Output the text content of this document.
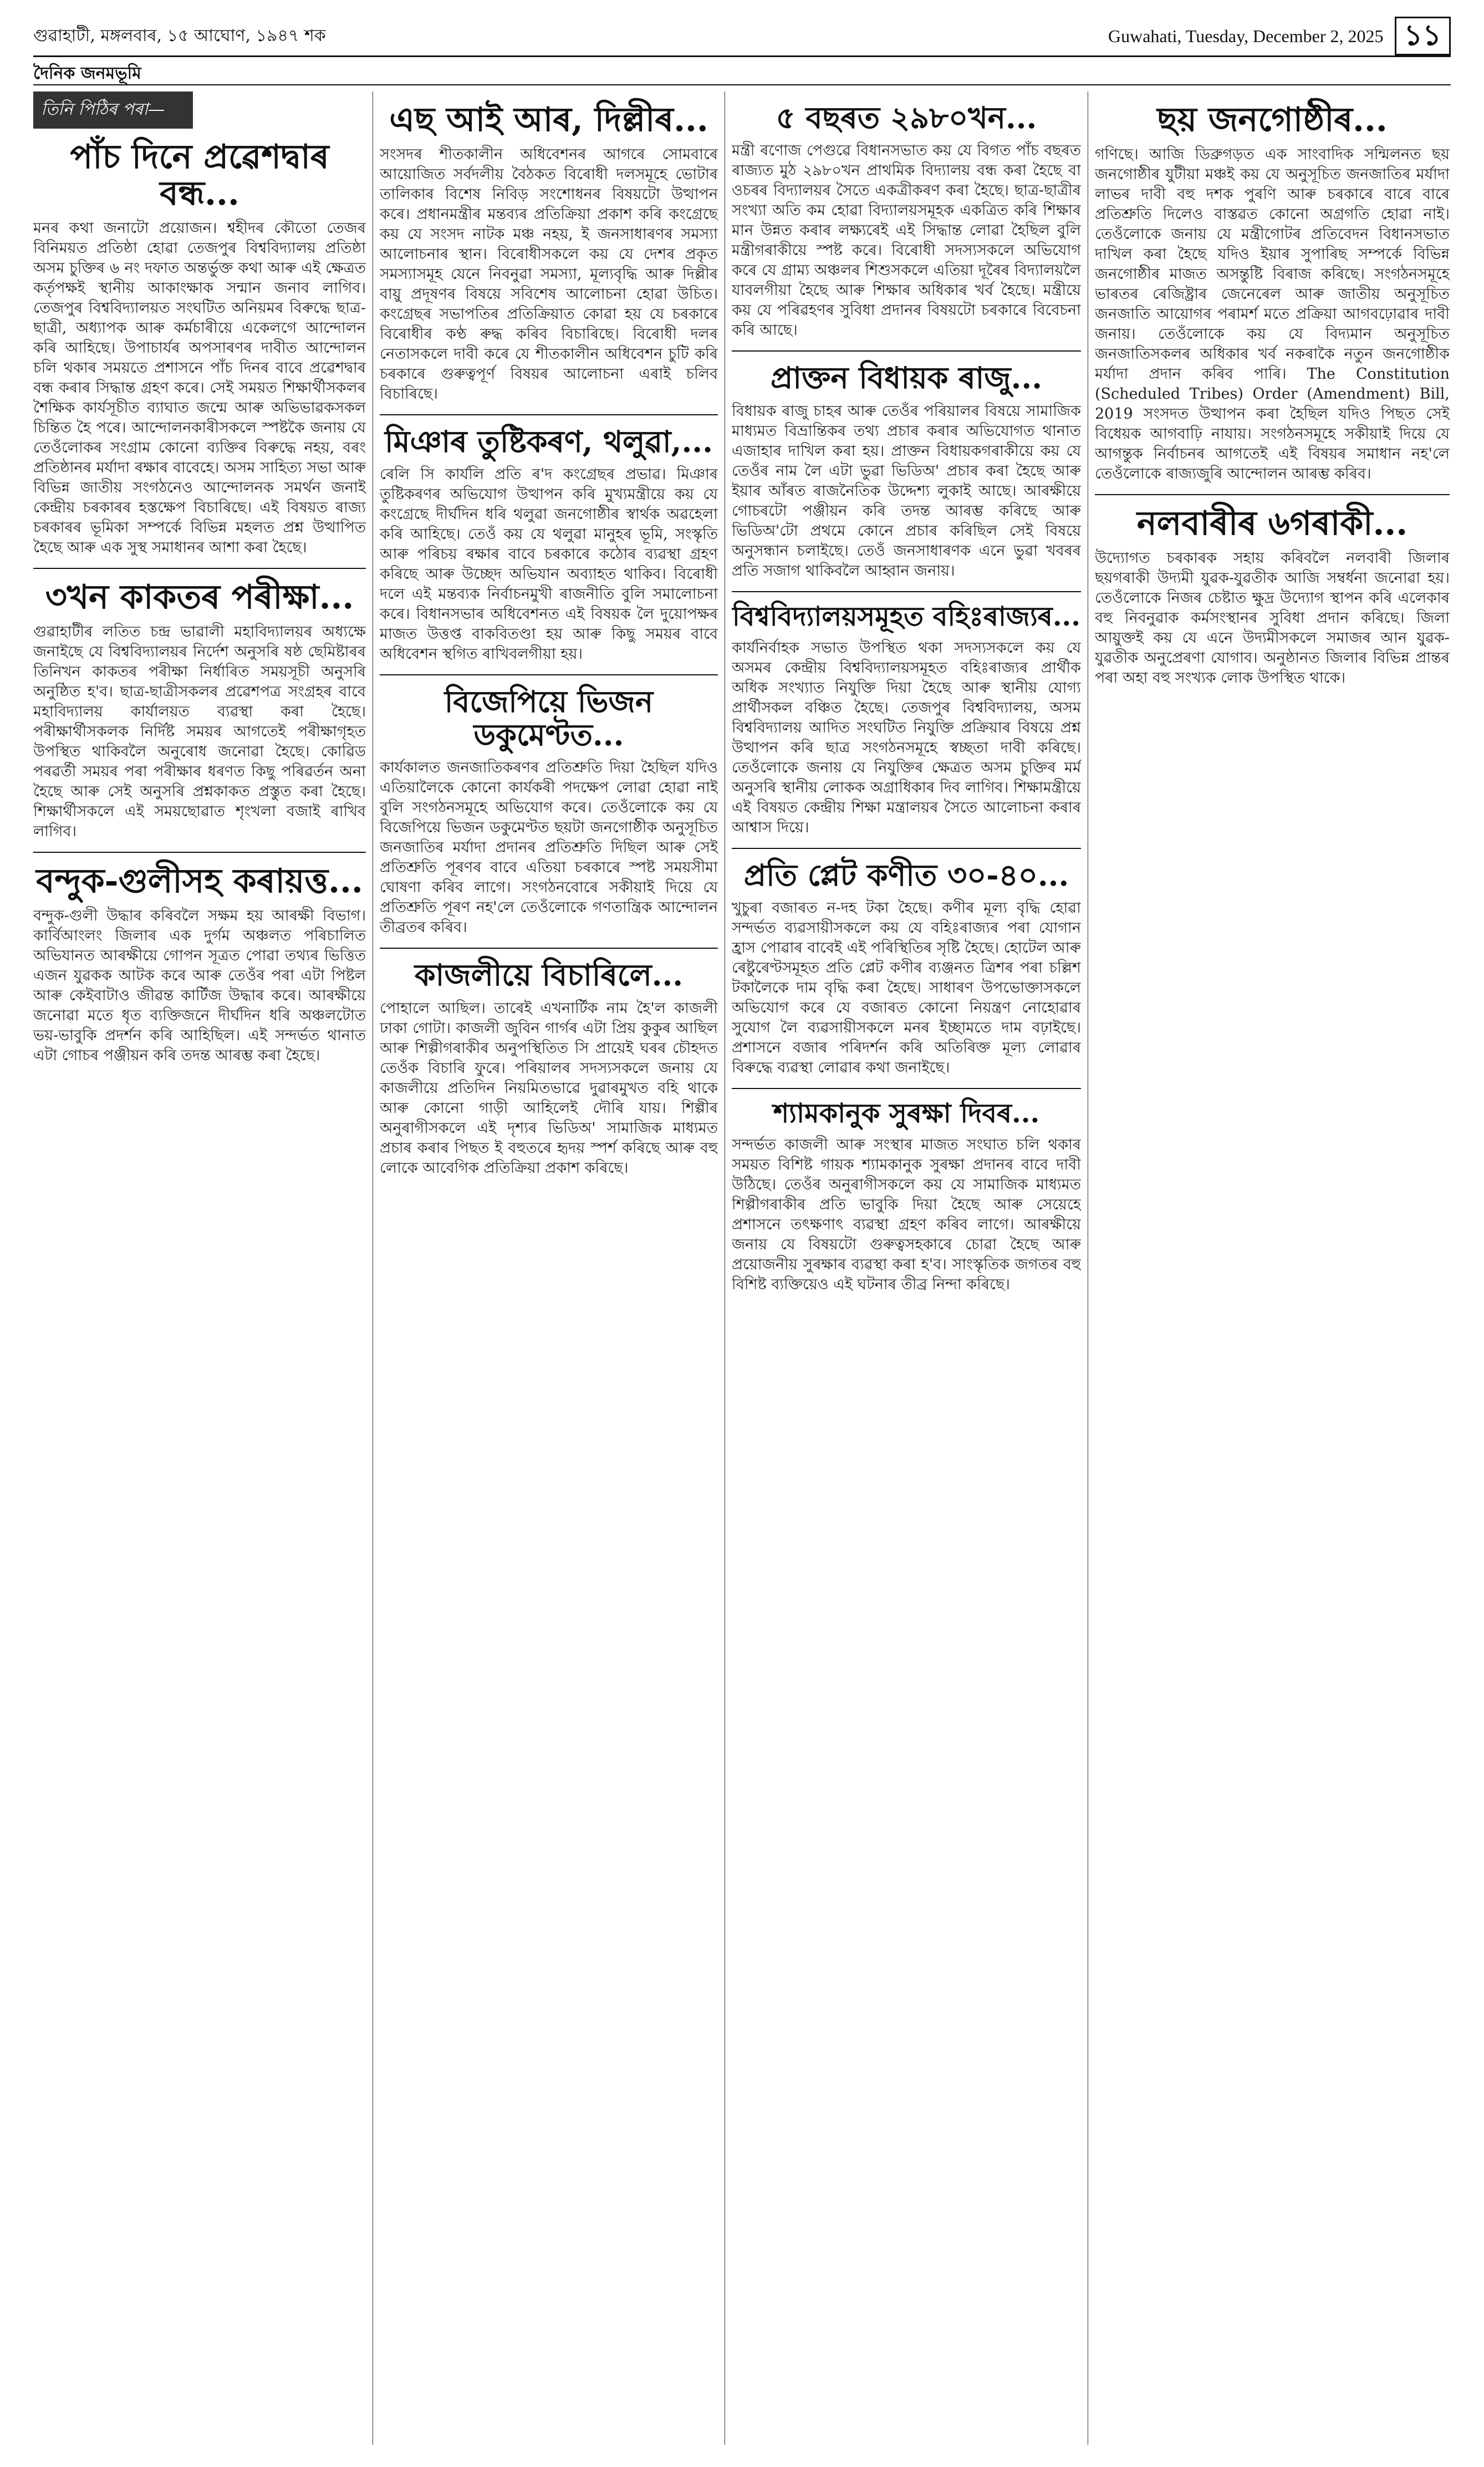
গুৱাহাটী, মঙ্গলবাৰ, ১৫ আঘোণ, ১৯৪৭ শক	Guwahati, Tuesday, December 2, 2025 ১১
দৈনিক জনমভূমি
তিনি পিঠিৰ পৰা—
পাঁচ দিনে প্ৰৱেশদ্বাৰ বন্ধ...

মনৰ কথা জনাটো প্ৰয়োজন। শ্বহীদৰ কৌতো তেজৰ বিনিময়ত প্ৰতিষ্ঠা হোৱা তেজপুৰ বিশ্ববিদ্যালয় প্ৰতিষ্ঠা অসম চুক্তিৰ ৬ নং দফাত অন্তৰ্ভুক্ত কথা আৰু এই ক্ষেত্ৰত কৰ্তৃপক্ষই স্থানীয় আকাংক্ষাক সন্মান জনাব লাগিব। তেজপুৰ বিশ্ববিদ্যালয়ত সংঘটিত অনিয়মৰ বিৰুদ্ধে ছাত্ৰ-ছাত্ৰী, অধ্যাপক আৰু কৰ্মচাৰীয়ে একেলগে আন্দোলন কৰি আহিছে। উপাচাৰ্যৰ অপসাৰণৰ দাবীত আন্দোলন চলি থকাৰ সময়তে প্ৰশাসনে পাঁচ দিনৰ বাবে প্ৰৱেশদ্বাৰ বন্ধ কৰাৰ সিদ্ধান্ত গ্ৰহণ কৰে। সেই সময়ত শিক্ষাৰ্থীসকলৰ শৈক্ষিক কাৰ্যসূচীত ব্যাঘাত জন্মে আৰু অভিভাৱকসকল চিন্তিত হৈ পৰে। আন্দোলনকাৰীসকলে স্পষ্টকৈ জনায় যে তেওঁলোকৰ সংগ্ৰাম কোনো ব্যক্তিৰ বিৰুদ্ধে নহয়, বৰং প্ৰতিষ্ঠানৰ মৰ্যাদা ৰক্ষাৰ বাবেহে। অসম সাহিত্য সভা আৰু বিভিন্ন জাতীয় সংগঠনেও আন্দোলনক সমৰ্থন জনাই কেন্দ্ৰীয় চৰকাৰৰ হস্তক্ষেপ বিচাৰিছে। এই বিষয়ত ৰাজ্য চৰকাৰৰ ভূমিকা সম্পৰ্কে বিভিন্ন মহলত প্ৰশ্ন উত্থাপিত হৈছে আৰু এক সুস্থ সমাধানৰ আশা কৰা হৈছে।

৩খন কাকতৰ পৰীক্ষা...

গুৱাহাটীৰ লতিত চন্দ্ৰ ভাৱালী মহাবিদ্যালয়ৰ অধ্যক্ষে জনাইছে যে বিশ্ববিদ্যালয়ৰ নিৰ্দেশ অনুসৰি ষষ্ঠ ছেমিষ্টাৰৰ তিনিখন কাকতৰ পৰীক্ষা নিৰ্ধাৰিত সময়সূচী অনুসৰি অনুষ্ঠিত হ'ব। ছাত্ৰ-ছাত্ৰীসকলৰ প্ৰৱেশপত্ৰ সংগ্ৰহৰ বাবে মহাবিদ্যালয় কাৰ্যালয়ত ব্যৱস্থা কৰা হৈছে। পৰীক্ষাৰ্থীসকলক নিৰ্দিষ্ট সময়ৰ আগতেই পৰীক্ষাগৃহত উপস্থিত থাকিবলৈ অনুৰোধ জনোৱা হৈছে। কোৱিড পৰৱৰ্তী সময়ৰ পৰা পৰীক্ষাৰ ধৰণত কিছু পৰিৱৰ্তন অনা হৈছে আৰু সেই অনুসৰি প্ৰশ্নকাকত প্ৰস্তুত কৰা হৈছে। শিক্ষাৰ্থীসকলে এই সময়ছোৱাত শৃংখলা বজাই ৰাখিব লাগিব।

বন্দুক-গুলীসহ কৰায়ত্ত...

বন্দুক-গুলী উদ্ধাৰ কৰিবলৈ সক্ষম হয় আৰক্ষী বিভাগ। কাৰ্বিআংলং জিলাৰ এক দুৰ্গম অঞ্চলত পৰিচালিত অভিযানত আৰক্ষীয়ে গোপন সূত্ৰত পোৱা তথ্যৰ ভিত্তিত এজন যুৱকক আটক কৰে আৰু তেওঁৰ পৰা এটা পিষ্টল আৰু কেইবাটাও জীৱন্ত কাৰ্টিজ উদ্ধাৰ কৰে। আৰক্ষীয়ে জনোৱা মতে ধৃত ব্যক্তিজনে দীৰ্ঘদিন ধৰি অঞ্চলটোত ভয়-ভাবুকি প্ৰদৰ্শন কৰি আহিছিল। এই সন্দৰ্ভত থানাত এটা গোচৰ পঞ্জীয়ন কৰি তদন্ত আৰম্ভ কৰা হৈছে।

এছ আই আৰ, দিল্লীৰ...

সংসদৰ শীতকালীন অধিবেশনৰ আগৰে সোমবাৰে আয়োজিত সৰ্বদলীয় বৈঠকত বিৰোধী দলসমূহে ভোটাৰ তালিকাৰ বিশেষ নিবিড় সংশোধনৰ বিষয়টো উত্থাপন কৰে। প্ৰধানমন্ত্ৰীৰ মন্তব্যৰ প্ৰতিক্ৰিয়া প্ৰকাশ কৰি কংগ্ৰেছে কয় যে সংসদ নাটক মঞ্চ নহয়, ই জনসাধাৰণৰ সমস্যা আলোচনাৰ স্থান। বিৰোধীসকলে কয় যে দেশৰ প্ৰকৃত সমস্যাসমূহ যেনে নিবনুৱা সমস্যা, মূল্যবৃদ্ধি আৰু দিল্লীৰ বায়ু প্ৰদূষণৰ বিষয়ে সবিশেষ আলোচনা হোৱা উচিত। কংগ্ৰেছৰ সভাপতিৰ প্ৰতিক্ৰিয়াত কোৱা হয় যে চৰকাৰে বিৰোধীৰ কণ্ঠ ৰুদ্ধ কৰিব বিচাৰিছে। বিৰোধী দলৰ নেতাসকলে দাবী কৰে যে শীতকালীন অধিবেশন চুটি কৰি চৰকাৰে গুৰুত্বপূৰ্ণ বিষয়ৰ আলোচনা এৰাই চলিব বিচাৰিছে।

মিঞাৰ তুষ্টিকৰণ, থলুৱা,...

ৰেলি সি কাৰ্যলি প্ৰতি ৰ'দ কংগ্ৰেছৰ প্ৰভাৱ। মিঞাৰ তুষ্টিকৰণৰ অভিযোগ উত্থাপন কৰি মুখ্যমন্ত্ৰীয়ে কয় যে কংগ্ৰেছে দীৰ্ঘদিন ধৰি থলুৱা জনগোষ্ঠীৰ স্বাৰ্থক অৱহেলা কৰি আহিছে। তেওঁ কয় যে থলুৱা মানুহৰ ভূমি, সংস্কৃতি আৰু পৰিচয় ৰক্ষাৰ বাবে চৰকাৰে কঠোৰ ব্যৱস্থা গ্ৰহণ কৰিছে আৰু উচ্ছেদ অভিযান অব্যাহত থাকিব। বিৰোধী দলে এই মন্তব্যক নিৰ্বাচনমুখী ৰাজনীতি বুলি সমালোচনা কৰে। বিধানসভাৰ অধিবেশনত এই বিষয়ক লৈ দুয়োপক্ষৰ মাজত উত্তপ্ত বাকবিতণ্ডা হয় আৰু কিছু সময়ৰ বাবে অধিবেশন স্থগিত ৰাখিবলগীয়া হয়।

বিজেপিয়ে ভিজন ডকুমেণ্টত...

কাৰ্যকালত জনজাতিকৰণৰ প্ৰতিশ্ৰুতি দিয়া হৈছিল যদিও এতিয়ালৈকে কোনো কাৰ্যকৰী পদক্ষেপ লোৱা হোৱা নাই বুলি সংগঠনসমূহে অভিযোগ কৰে। তেওঁলোকে কয় যে বিজেপিয়ে ভিজন ডকুমেণ্টত ছয়টা জনগোষ্ঠীক অনুসূচিত জনজাতিৰ মৰ্যাদা প্ৰদানৰ প্ৰতিশ্ৰুতি দিছিল আৰু সেই প্ৰতিশ্ৰুতি পূৰণৰ বাবে এতিয়া চৰকাৰে স্পষ্ট সময়সীমা ঘোষণা কৰিব লাগে। সংগঠনবোৰে সকীয়াই দিয়ে যে প্ৰতিশ্ৰুতি পূৰণ নহ'লে তেওঁলোকে গণতান্ত্ৰিক আন্দোলন তীব্ৰতৰ কৰিব।

কাজলীয়ে বিচাৰিলে...

পোহালে আছিল। তাৰেই এখনাৰ্টিক নাম হৈ'ল কাজলী ঢাকা গোটা। কাজলী জুবিন গাৰ্গৰ এটা প্ৰিয় কুকুৰ আছিল আৰু শিল্পীগৰাকীৰ অনুপস্থিতিত সি প্ৰায়েই ঘৰৰ চৌহদত তেওঁক বিচাৰি ফুৰে। পৰিয়ালৰ সদস্যসকলে জনায় যে কাজলীয়ে প্ৰতিদিন নিয়মিতভাৱে দুৱাৰমুখত বহি থাকে আৰু কোনো গাড়ী আহিলেই দৌৰি যায়। শিল্পীৰ অনুৰাগীসকলে এই দৃশ্যৰ ভিডিঅ' সামাজিক মাধ্যমত প্ৰচাৰ কৰাৰ পিছত ই বহুতৰে হৃদয় স্পৰ্শ কৰিছে আৰু বহু লোকে আবেগিক প্ৰতিক্ৰিয়া প্ৰকাশ কৰিছে।

৫ বছৰত ২৯৮০খন...

মন্ত্ৰী ৰণোজ পেগুৱে বিধানসভাত কয় যে বিগত পাঁচ বছৰত ৰাজ্যত মুঠ ২৯৮০খন প্ৰাথমিক বিদ্যালয় বন্ধ কৰা হৈছে বা ওচৰৰ বিদ্যালয়ৰ সৈতে একত্ৰীকৰণ কৰা হৈছে। ছাত্ৰ-ছাত্ৰীৰ সংখ্যা অতি কম হোৱা বিদ্যালয়সমূহক একত্ৰিত কৰি শিক্ষাৰ মান উন্নত কৰাৰ লক্ষ্যৰেই এই সিদ্ধান্ত লোৱা হৈছিল বুলি মন্ত্ৰীগৰাকীয়ে স্পষ্ট কৰে। বিৰোধী সদস্যসকলে অভিযোগ কৰে যে গ্ৰাম্য অঞ্চলৰ শিশুসকলে এতিয়া দূৰৈৰ বিদ্যালয়লৈ যাবলগীয়া হৈছে আৰু শিক্ষাৰ অধিকাৰ খৰ্ব হৈছে। মন্ত্ৰীয়ে কয় যে পৰিৱহণৰ সুবিধা প্ৰদানৰ বিষয়টো চৰকাৰে বিবেচনা কৰি আছে।

প্ৰাক্তন বিধায়ক ৰাজু...

বিধায়ক ৰাজু চাহৰ আৰু তেওঁৰ পৰিয়ালৰ বিষয়ে সামাজিক মাধ্যমত বিভ্ৰান্তিকৰ তথ্য প্ৰচাৰ কৰাৰ অভিযোগত থানাত এজাহাৰ দাখিল কৰা হয়। প্ৰাক্তন বিধায়কগৰাকীয়ে কয় যে তেওঁৰ নাম লৈ এটা ভুৱা ভিডিঅ' প্ৰচাৰ কৰা হৈছে আৰু ইয়াৰ আঁৰত ৰাজনৈতিক উদ্দেশ্য লুকাই আছে। আৰক্ষীয়ে গোচৰটো পঞ্জীয়ন কৰি তদন্ত আৰম্ভ কৰিছে আৰু ভিডিঅ'টো প্ৰথমে কোনে প্ৰচাৰ কৰিছিল সেই বিষয়ে অনুসন্ধান চলাইছে। তেওঁ জনসাধাৰণক এনে ভুৱা খবৰৰ প্ৰতি সজাগ থাকিবলৈ আহ্বান জনায়।

বিশ্ববিদ্যালয়সমূহত বহিঃৰাজ্যৰ...

কাৰ্যনিৰ্বাহক সভাত উপস্থিত থকা সদস্যসকলে কয় যে অসমৰ কেন্দ্ৰীয় বিশ্ববিদ্যালয়সমূহত বহিঃৰাজ্যৰ প্ৰাৰ্থীক অধিক সংখ্যাত নিযুক্তি দিয়া হৈছে আৰু স্থানীয় যোগ্য প্ৰাৰ্থীসকল বঞ্চিত হৈছে। তেজপুৰ বিশ্ববিদ্যালয়, অসম বিশ্ববিদ্যালয় আদিত সংঘটিত নিযুক্তি প্ৰক্ৰিয়াৰ বিষয়ে প্ৰশ্ন উত্থাপন কৰি ছাত্ৰ সংগঠনসমূহে স্বচ্ছতা দাবী কৰিছে। তেওঁলোকে জনায় যে নিযুক্তিৰ ক্ষেত্ৰত অসম চুক্তিৰ মৰ্ম অনুসৰি স্থানীয় লোকক অগ্ৰাধিকাৰ দিব লাগিব। শিক্ষামন্ত্ৰীয়ে এই বিষয়ত কেন্দ্ৰীয় শিক্ষা মন্ত্ৰালয়ৰ সৈতে আলোচনা কৰাৰ আশ্বাস দিয়ে।

প্ৰতি প্লেট কণীত ৩০-৪০...

খুচুৰা বজাৰত ন-দহ টকা হৈছে। কণীৰ মূল্য বৃদ্ধি হোৱা সন্দৰ্ভত ব্যৱসায়ীসকলে কয় যে বহিঃৰাজ্যৰ পৰা যোগান হ্ৰাস পোৱাৰ বাবেই এই পৰিস্থিতিৰ সৃষ্টি হৈছে। হোটেল আৰু ৰেষ্টুৰেণ্টসমূহত প্ৰতি প্লেট কণীৰ ব্যঞ্জনত ত্ৰিশৰ পৰা চল্লিশ টকালৈকে দাম বৃদ্ধি কৰা হৈছে। সাধাৰণ উপভোক্তাসকলে অভিযোগ কৰে যে বজাৰত কোনো নিয়ন্ত্ৰণ নোহোৱাৰ সুযোগ লৈ ব্যৱসায়ীসকলে মনৰ ইচ্ছামতে দাম বঢ়াইছে। প্ৰশাসনে বজাৰ পৰিদৰ্শন কৰি অতিৰিক্ত মূল্য লোৱাৰ বিৰুদ্ধে ব্যৱস্থা লোৱাৰ কথা জনাইছে।

শ্যামকানুক সুৰক্ষা দিবৰ...

সন্দৰ্ভত কাজলী আৰু সংস্থাৰ মাজত সংঘাত চলি থকাৰ সময়ত বিশিষ্ট গায়ক শ্যামকানুক সুৰক্ষা প্ৰদানৰ বাবে দাবী উঠিছে। তেওঁৰ অনুৰাগীসকলে কয় যে সামাজিক মাধ্যমত শিল্পীগৰাকীৰ প্ৰতি ভাবুকি দিয়া হৈছে আৰু সেয়েহে প্ৰশাসনে তৎক্ষণাৎ ব্যৱস্থা গ্ৰহণ কৰিব লাগে। আৰক্ষীয়ে জনায় যে বিষয়টো গুৰুত্বসহকাৰে চোৱা হৈছে আৰু প্ৰয়োজনীয় সুৰক্ষাৰ ব্যৱস্থা কৰা হ'ব। সাংস্কৃতিক জগতৰ বহু বিশিষ্ট ব্যক্তিয়েও এই ঘটনাৰ তীব্ৰ নিন্দা কৰিছে।

ছয় জনগোষ্ঠীৰ...

গণিছে। আজি ডিব্ৰুগড়ত এক সাংবাদিক সন্মিলনত ছয় জনগোষ্ঠীৰ যুটীয়া মঞ্চই কয় যে অনুসূচিত জনজাতিৰ মৰ্যাদা লাভৰ দাবী বহু দশক পুৰণি আৰু চৰকাৰে বাৰে বাৰে প্ৰতিশ্ৰুতি দিলেও বাস্তৱত কোনো অগ্ৰগতি হোৱা নাই। তেওঁলোকে জনায় যে মন্ত্ৰীগোটৰ প্ৰতিবেদন বিধানসভাত দাখিল কৰা হৈছে যদিও ইয়াৰ সুপাৰিছ সম্পৰ্কে বিভিন্ন জনগোষ্ঠীৰ মাজত অসন্তুষ্টি বিৰাজ কৰিছে। সংগঠনসমূহে ভাৰতৰ ৰেজিষ্ট্ৰাৰ জেনেৰেল আৰু জাতীয় অনুসূচিত জনজাতি আয়োগৰ পৰামৰ্শ মতে প্ৰক্ৰিয়া আগবঢ়োৱাৰ দাবী জনায়। তেওঁলোকে কয় যে বিদ্যমান অনুসূচিত জনজাতিসকলৰ অধিকাৰ খৰ্ব নকৰাকৈ নতুন জনগোষ্ঠীক মৰ্যাদা প্ৰদান কৰিব পাৰি। The Constitution (Scheduled Tribes) Order (Amendment) Bill, 2019 সংসদত উত্থাপন কৰা হৈছিল যদিও পিছত সেই বিধেয়ক আগবাঢ়ি নাযায়। সংগঠনসমূহে সকীয়াই দিয়ে যে আগন্তুক নিৰ্বাচনৰ আগতেই এই বিষয়ৰ সমাধান নহ'লে তেওঁলোকে ৰাজ্যজুৰি আন্দোলন আৰম্ভ কৰিব।

নলবাৰীৰ ৬গৰাকী...

উদ্যোগত চৰকাৰক সহায় কৰিবলৈ নলবাৰী জিলাৰ ছয়গৰাকী উদ্যমী যুৱক-যুৱতীক আজি সম্বৰ্ধনা জনোৱা হয়। তেওঁলোকে নিজৰ চেষ্টাত ক্ষুদ্ৰ উদ্যোগ স্থাপন কৰি এলেকাৰ বহু নিবনুৱাক কৰ্মসংস্থানৰ সুবিধা প্ৰদান কৰিছে। জিলা আয়ুক্তই কয় যে এনে উদ্যমীসকলে সমাজৰ আন যুৱক-যুৱতীক অনুপ্ৰেৰণা যোগাব। অনুষ্ঠানত জিলাৰ বিভিন্ন প্ৰান্তৰ পৰা অহা বহু সংখ্যক লোক উপস্থিত থাকে।
